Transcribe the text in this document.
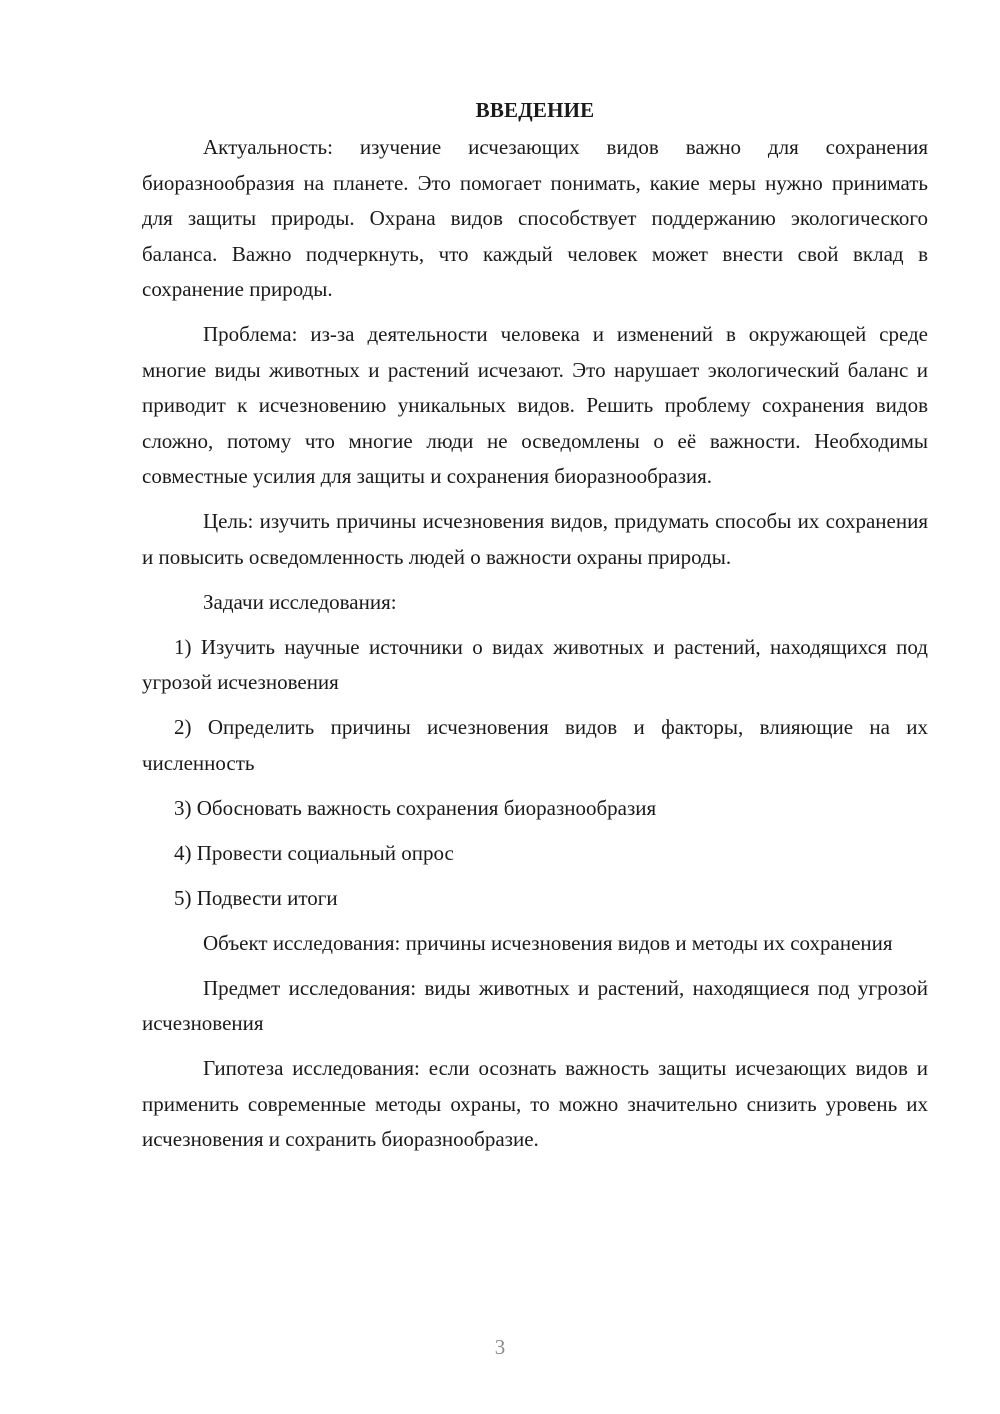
ВВЕДЕНИЕ

Актуальность: изучение исчезающих видов важно для сохранения биоразнообразия на планете. Это помогает понимать, какие меры нужно принимать для защиты природы. Охрана видов способствует поддержанию экологического баланса. Важно подчеркнуть, что каждый человек может внести свой вклад в сохранение природы.

Проблема: из-за деятельности человека и изменений в окружающей среде многие виды животных и растений исчезают. Это нарушает экологический баланс и приводит к исчезновению уникальных видов. Решить проблему сохранения видов сложно, потому что многие люди не осведомлены о её важности. Необходимы совместные усилия для защиты и сохранения биоразнообразия.

Цель: изучить причины исчезновения видов, придумать способы их сохранения и повысить осведомленность людей о важности охраны природы.

Задачи исследования:

1) Изучить научные источники о видах животных и растений, находящихся под угрозой исчезновения

2) Определить причины исчезновения видов и факторы, влияющие на их численность

3) Обосновать важность сохранения биоразнообразия

4) Провести социальный опрос

5) Подвести итоги

Объект исследования: причины исчезновения видов и методы их сохранения

Предмет исследования: виды животных и растений, находящиеся под угрозой исчезновения

Гипотеза исследования: если осознать важность защиты исчезающих видов и применить современные методы охраны, то можно значительно снизить уровень их исчезновения и сохранить биоразнообразие.

3
